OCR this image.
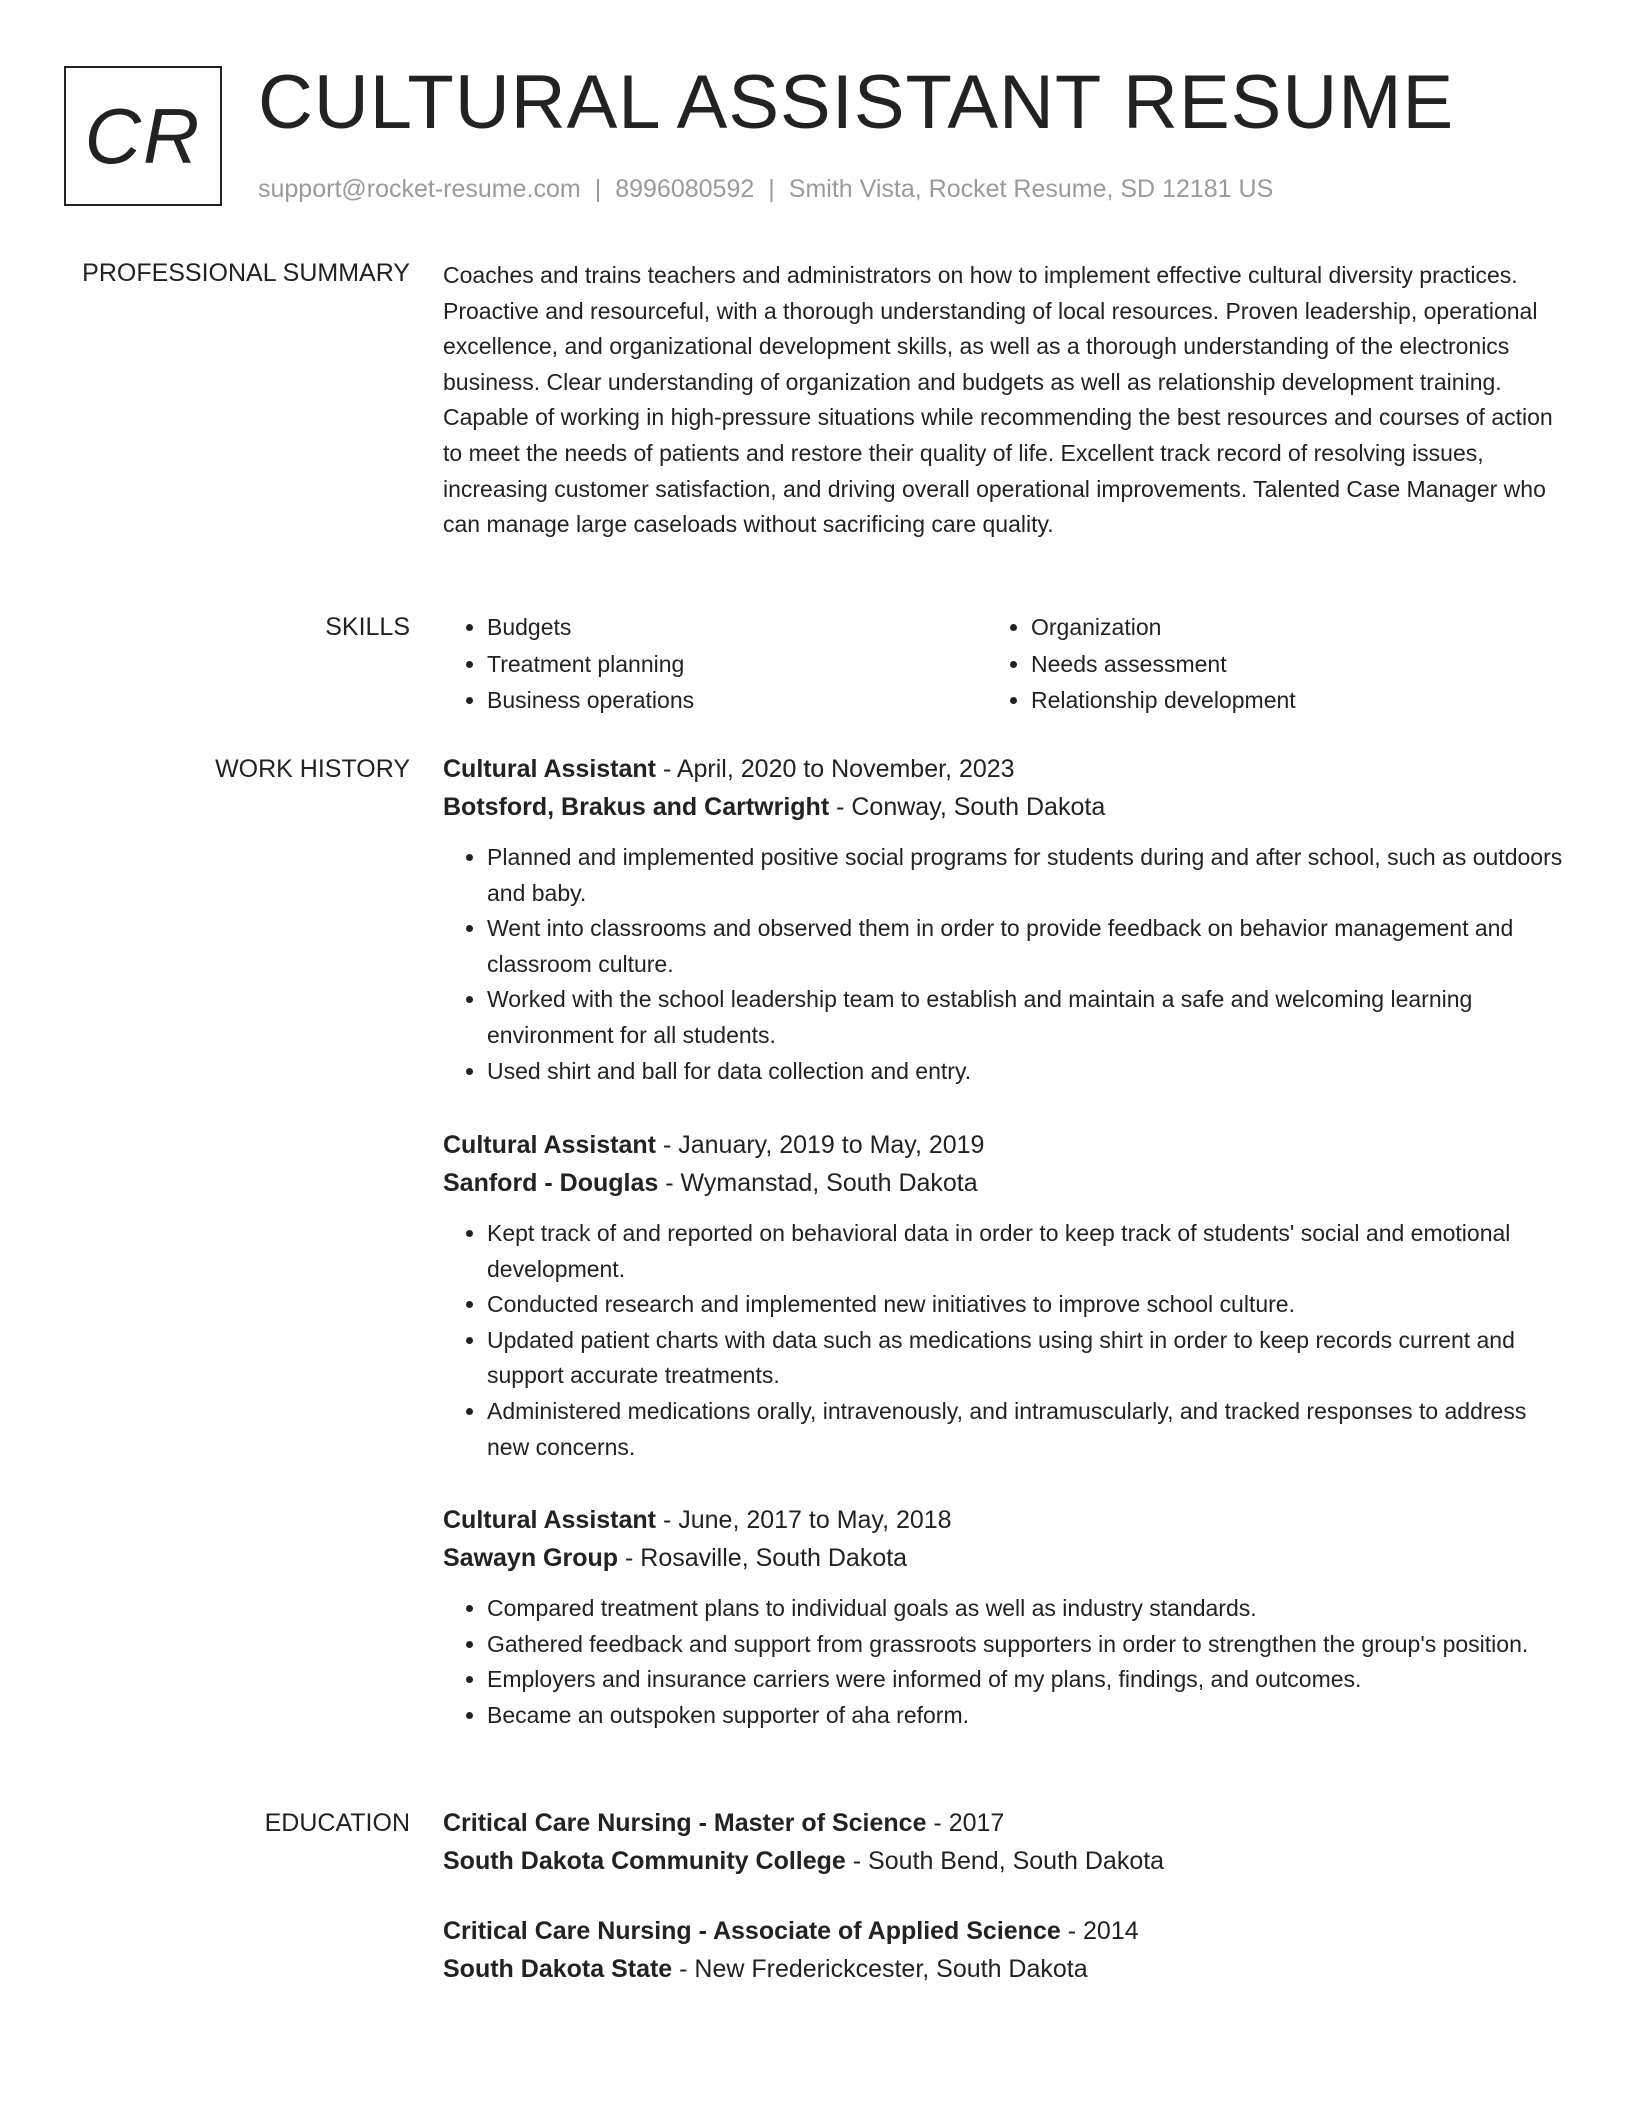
CR CULTURAL ASSISTANT RESUME
support@rocket-resume.com | 8996080592 | Smith Vista, Rocket Resume, SD 12181 US
PROFESSIONAL SUMMARY Coaches and trains teachers and administrators on how to implement effective cultural diversity practices. Proactive and resourceful, with a thorough understanding of local resources. Proven leadership, operational excellence, and organizational development skills, as well as a thorough understanding of the electronics business. Clear understanding of organization and budgets as well as relationship development training. Capable of working in high-pressure situations while recommending the best resources and courses of action to meet the needs of patients and restore their quality of life. Excellent track record of resolving issues, increasing customer satisfaction, and driving overall operational improvements. Talented Case Manager who can manage large caseloads without sacrificing care quality.

SKILLS
•	Budgets
• Treatment planning
• Business operations
• Organization
• Needs assessment
• Relationship development
WORK HISTORY Cultural Assistant - April, 2020 to November, 2023
Botsford, Brakus and Cartwright - Conway, South Dakota
• Planned and implemented positive social programs for students during and after school, such as outdoors and baby.
• Went into classrooms and observed them in order to provide feedback on behavior management and classroom culture.
• Worked with the school leadership team to establish and maintain a safe and welcoming learning environment for all students.
• Used shirt and ball for data collection and entry.
Cultural Assistant - January, 2019 to May, 2019
Sanford - Douglas - Wymanstad, South Dakota
• Kept track of and reported on behavioral data in order to keep track of students' social and emotional development.
• Conducted research and implemented new initiatives to improve school culture.
• Updated patient charts with data such as medications using shirt in order to keep records current and support accurate treatments.
• Administered medications orally, intravenously, and intramuscularly, and tracked responses to address new concerns.
Cultural Assistant - June, 2017 to May, 2018
Sawayn Group - Rosaville, South Dakota
• Compared treatment plans to individual goals as well as industry standards.
• Gathered feedback and support from grassroots supporters in order to strengthen the group's position.
• Employers and insurance carriers were informed of my plans, findings, and outcomes.
• Became an outspoken supporter of aha reform.
EDUCATION Critical Care Nursing - Master of Science - 2017
South Dakota Community College - South Bend, South Dakota
Critical Care Nursing - Associate of Applied Science - 2014
South Dakota State - New Frederickcester, South Dakota
